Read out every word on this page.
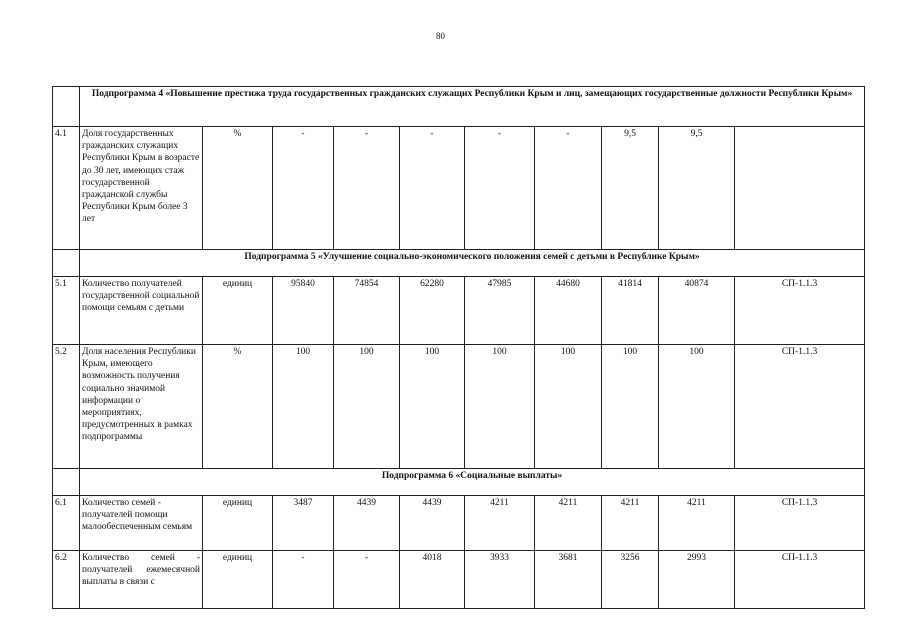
80
	Подпрограмма 4 «Повышение престижа труда государственных гражданских служащих Республики Крым и лиц, замещающих государственные должности Республики Крым»									
4.1	Доля государственных гражданских служащих Республики Крым в возрасте до 30 лет, имеющих стаж государственной гражданской службы Республики Крым более 3 лет	%	-	-	-	-	-	9,5	9,5	
	Подпрограмма 5 «Улучшение социально-экономического положения семей с детьми в Республике Крым»									
5.1	Количество получателей государственной социальной помощи семьям с детьми	единиц	95840	74854	62280	47985	44680	41814	40874	СП-1.1.3
5.2	Доля населения Республики Крым, имеющего возможность получения социально значимой информации о мероприятиях, предусмотренных в рамках подпрограммы	%	100	100	100	100	100	100	100	СП-1.1.3
	Подпрограмма 6 «Социальные выплаты»									
6.1	Количество семей - получателей помощи малообеспеченным семьям	единиц	3487	4439	4439	4211	4211	4211	4211	СП-1.1.3
6.2	Количество семей - получателей ежемесячной выплаты в связи с	единиц	-	-	4018	3933	3681	3256	2993	СП-1.1.3
